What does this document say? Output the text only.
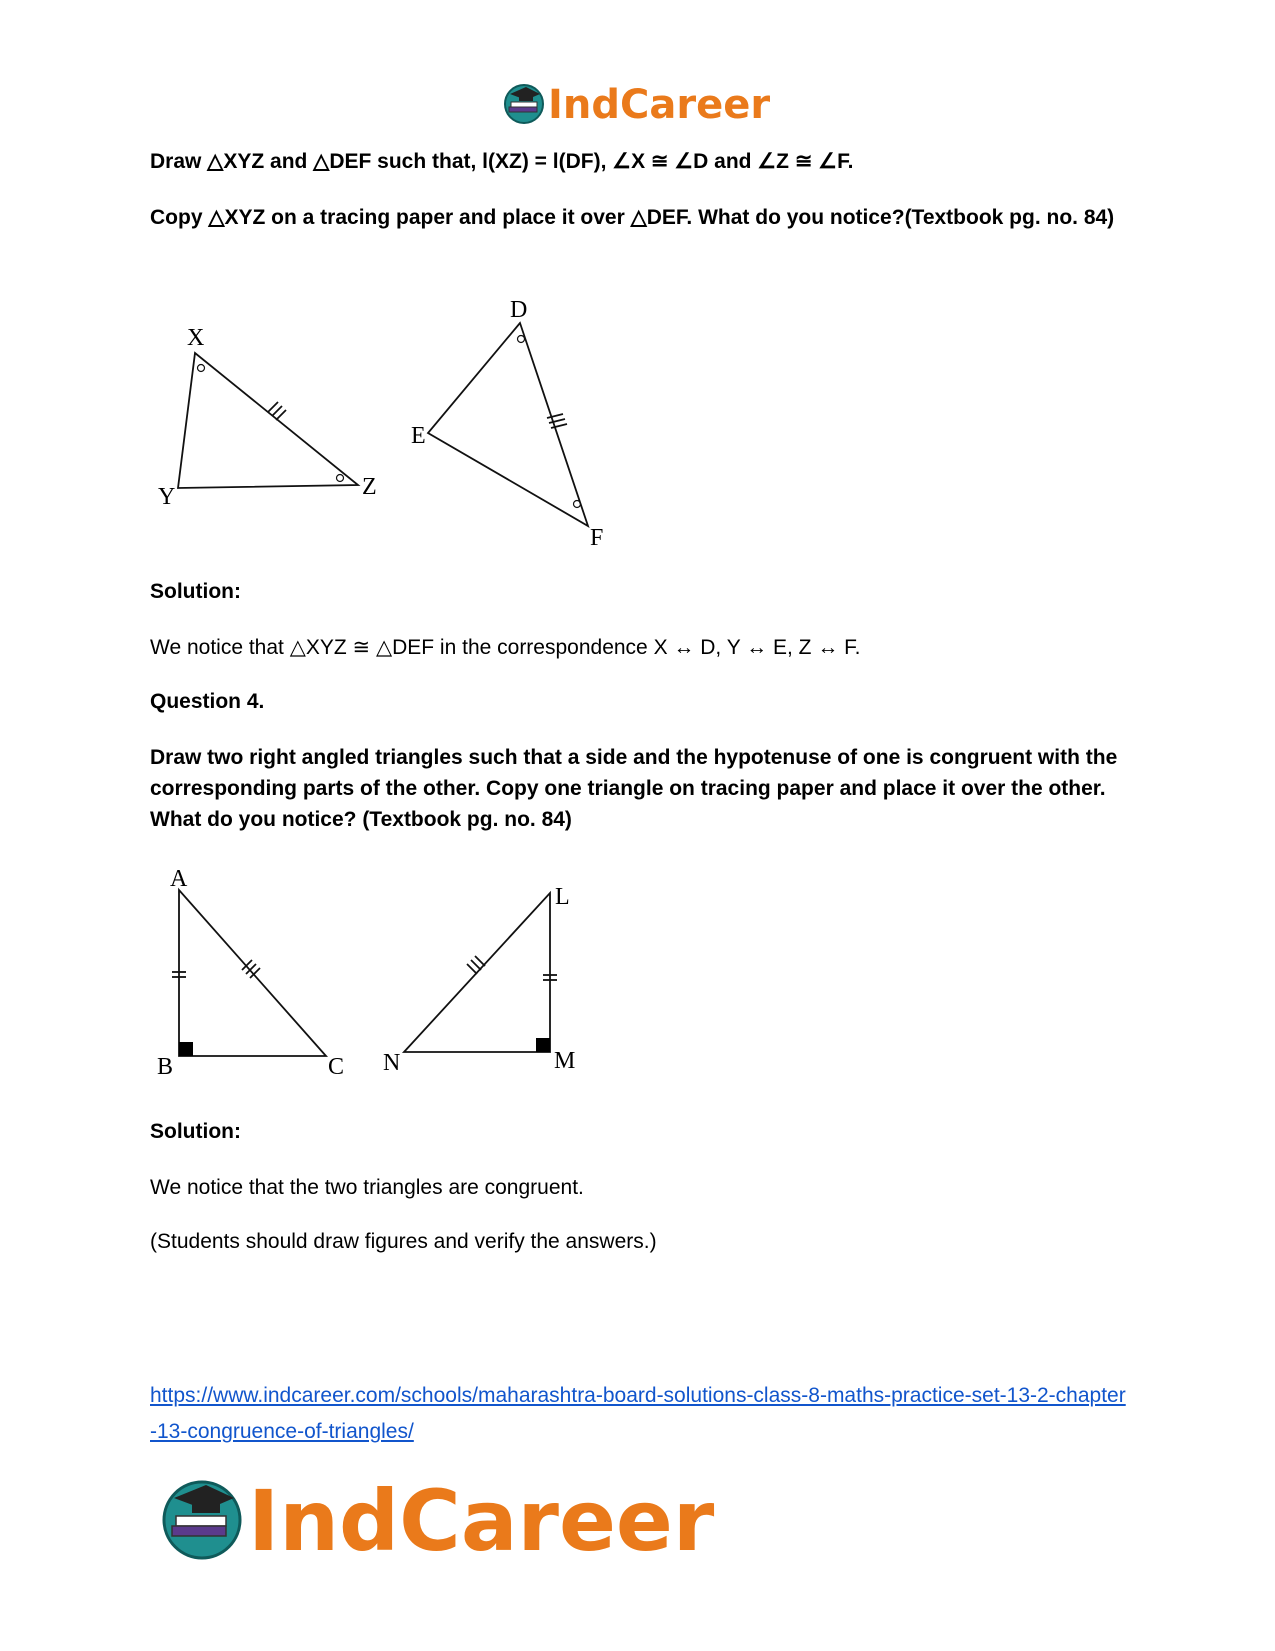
IndCareer

Draw △XYZ and △DEF such that, l(XZ) = l(DF), ∠X ≅ ∠D and ∠Z ≅ ∠F.

Copy △XYZ on a tracing paper and place it over △DEF. What do you notice?(Textbook pg. no. 84)

X
Y	Z
D
E
F

Solution:

We notice that △XYZ ≅ △DEF in the correspondence X ↔ D, Y ↔ E, Z ↔ F.

Question 4.

Draw two right angled triangles such that a side and the hypotenuse of one is congruent with the corresponding parts of the other. Copy one triangle on tracing paper and place it over the other. What do you notice? (Textbook pg. no. 84)

A
B	C
L
M
N

Solution:

We notice that the two triangles are congruent.

(Students should draw figures and verify the answers.)

https://www.indcareer.com/schools/maharashtra-board-solutions-class-8-maths-practice-set-13-2-chapter-13-congruence-of-triangles/
IndCareer
